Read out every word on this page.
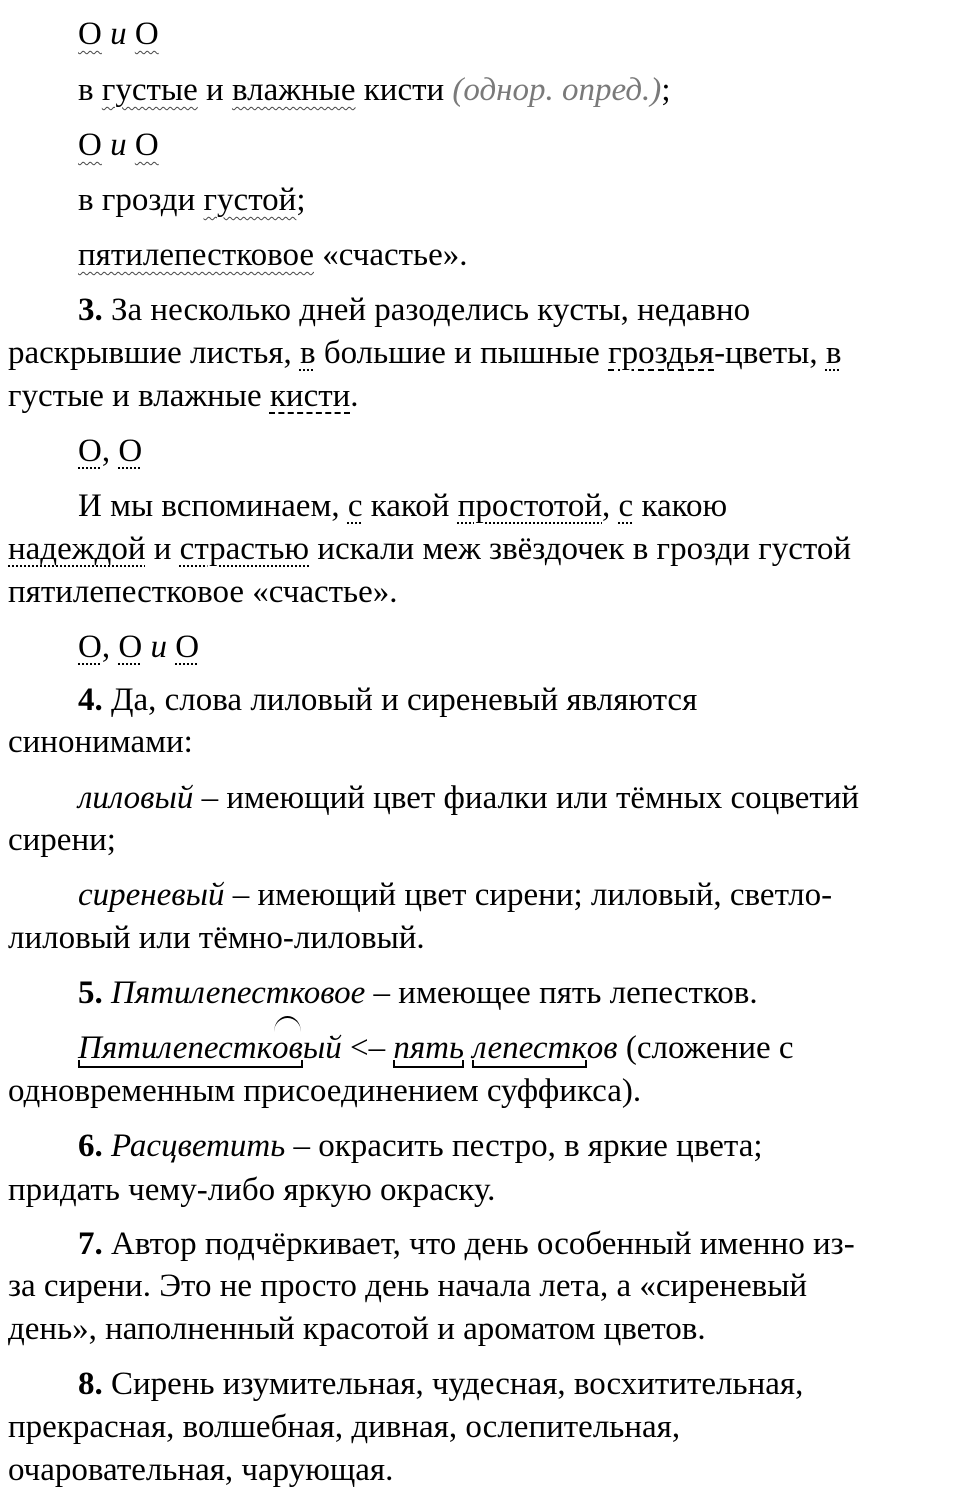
О и О
в густые и влажные кисти (однор. опред.);
О и О
в грозди густой;
пятилепестковое «счастье».
3. За несколько дней разоделись кусты, недавно
раскрывшие листья, в большие и пышные гроздья-цветы, в
густые и влажные кисти.
О, О
И мы вспоминаем, с какой простотой, с какою
надеждой и страстью искали меж звёздочек в грозди густой
пятилепестковое «счастье».
О, О и О
4. Да, слова лиловый и сиреневый являются
синонимами:
лиловый – имеющий цвет фиалки или тёмных соцветий
сирени;
сиреневый – имеющий цвет сирени; лиловый, светло-
лиловый или тёмно-лиловый.
5. Пятилепестковое – имеющее пять лепестков.
Пятилепестковый <– пять лепестков (сложение с
одновременным присоединением суффикса).
6. Расцветить – окрасить пестро, в яркие цвета;
придать чему-либо яркую окраску.
7. Автор подчёркивает, что день особенный именно из-
за сирени. Это не просто день начала лета, а «сиреневый
день», наполненный красотой и ароматом цветов.
8. Сирень изумительная, чудесная, восхитительная,
прекрасная, волшебная, дивная, ослепительная,
очаровательная, чарующая.
